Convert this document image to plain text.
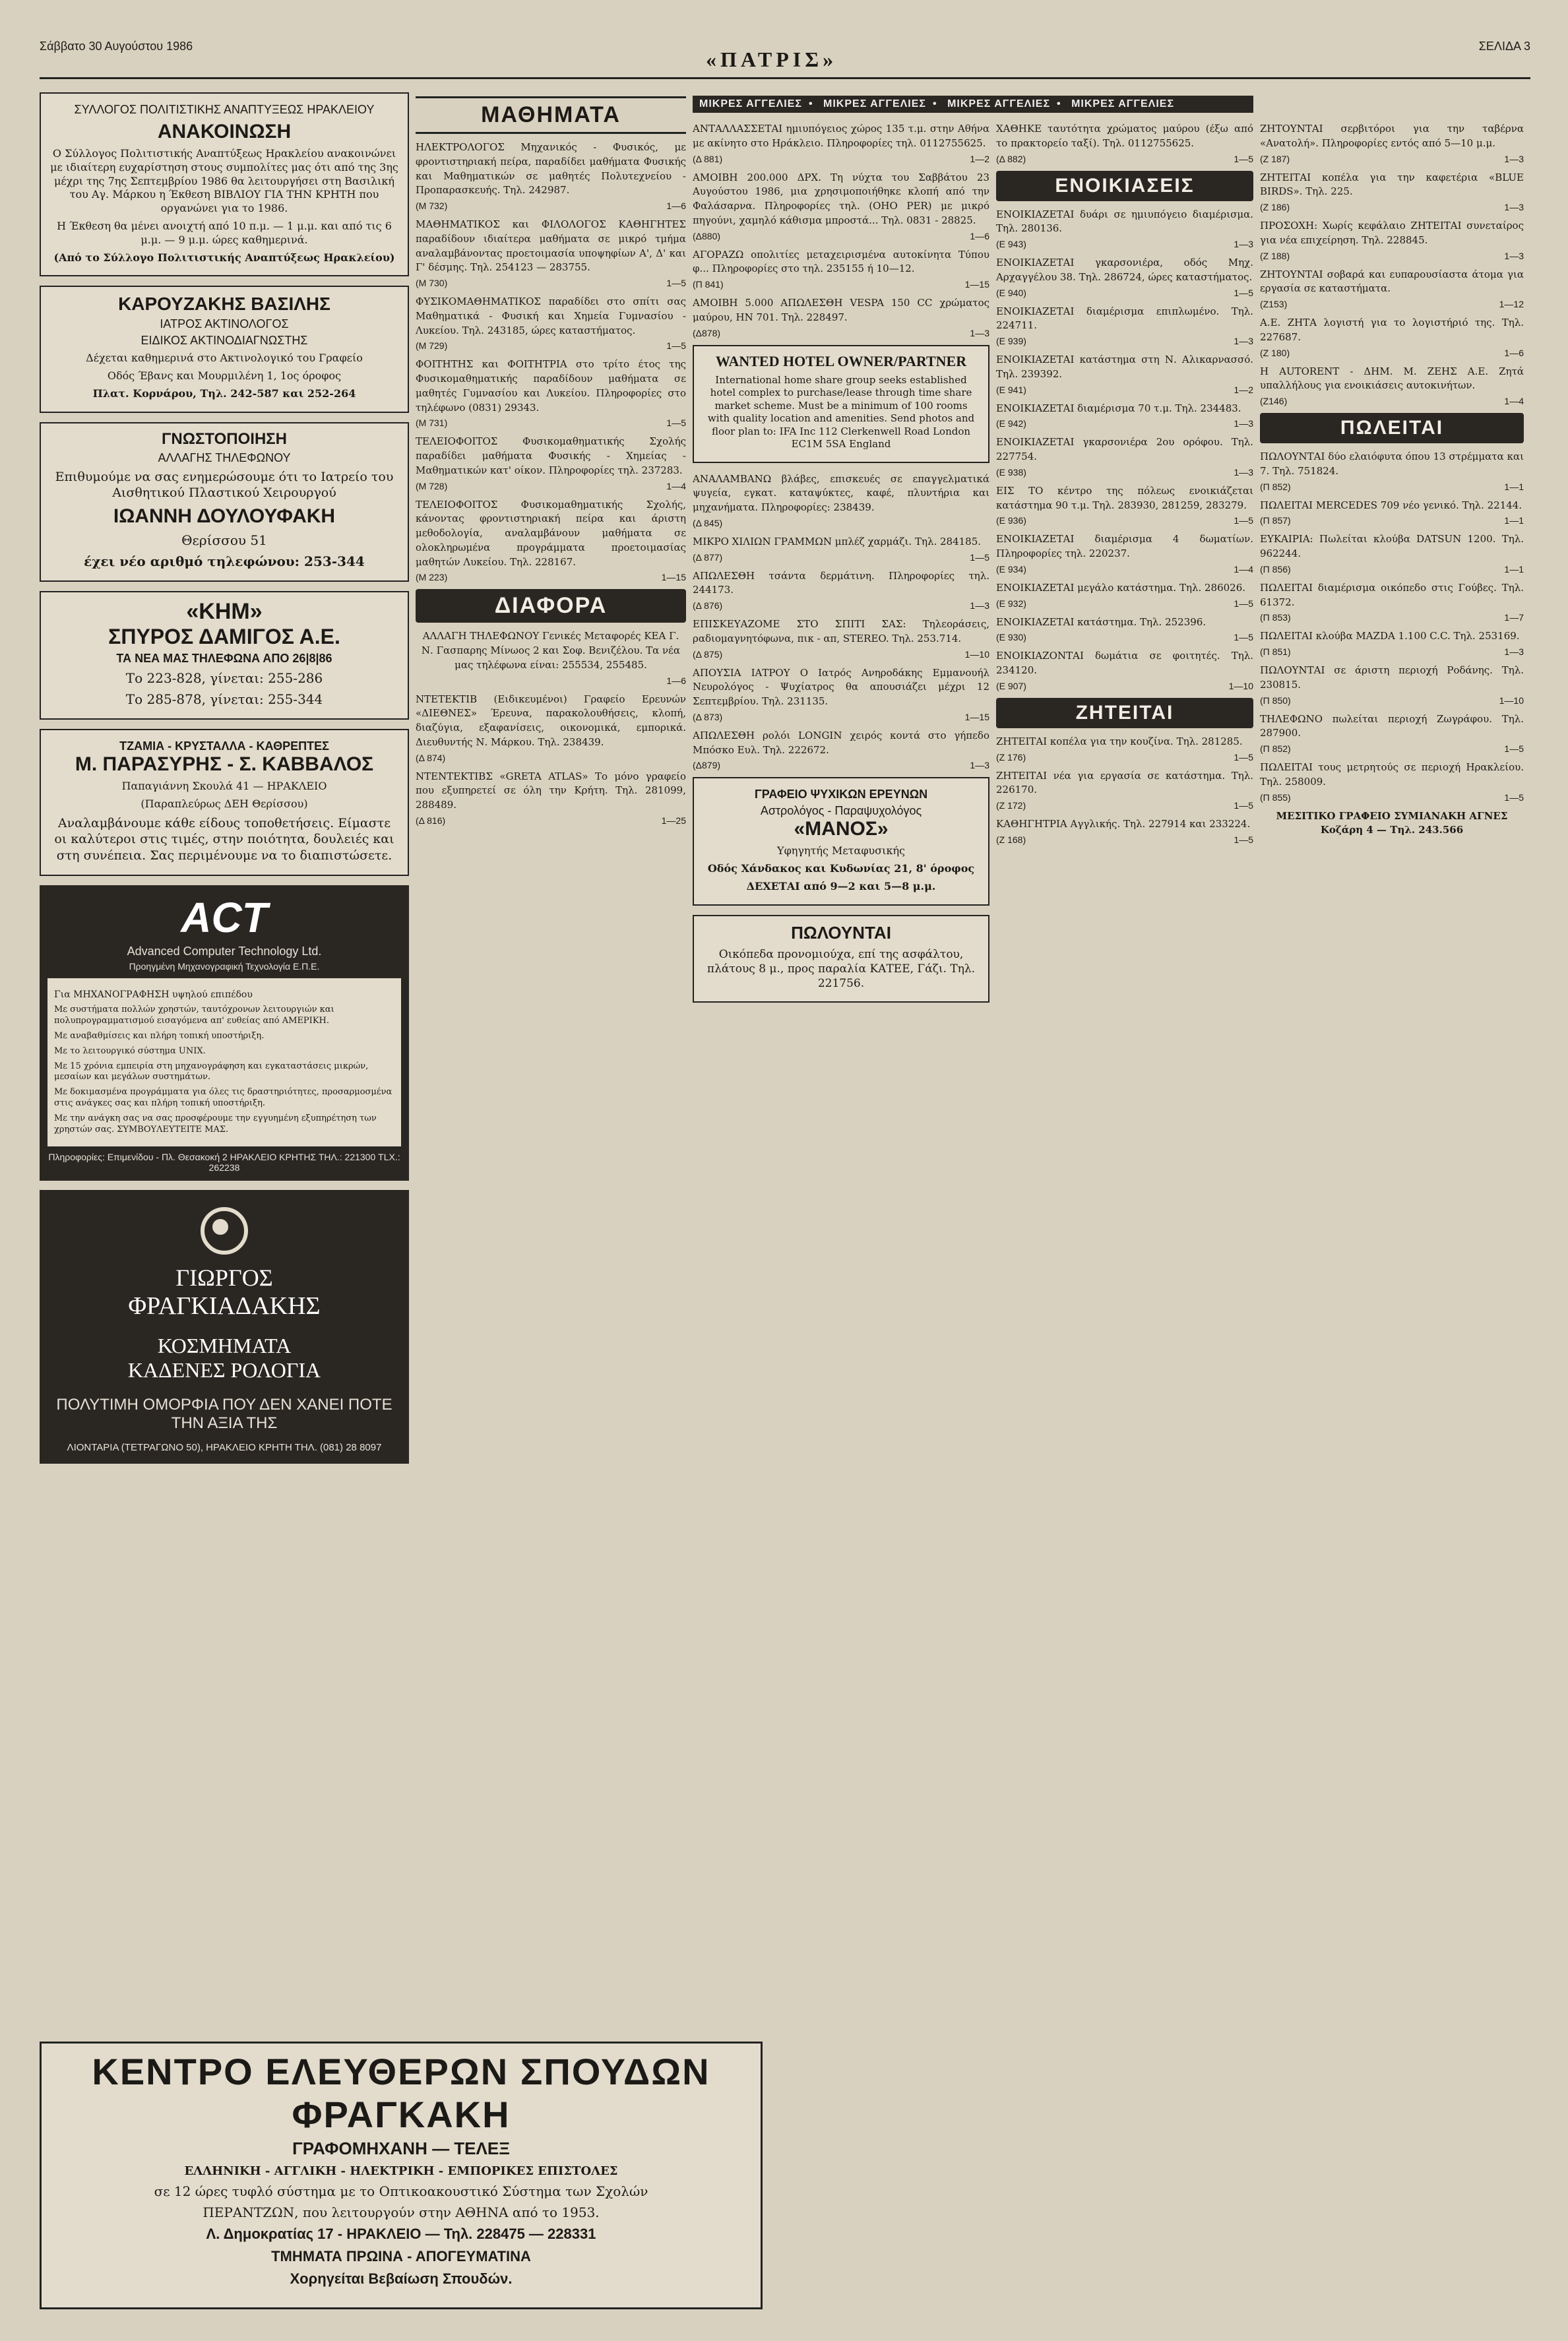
Σάββατο 30 Αυγούστου 1986
«ΠΑΤΡΙΣ»
ΣΕΛΙΔΑ 3
ΜΙΚΡΕΣ ΑΓΓΕΛΙΕΣ • ΜΙΚΡΕΣ ΑΓΓΕΛΙΕΣ • ΜΙΚΡΕΣ ΑΓΓΕΛΙΕΣ • ΜΙΚΡΕΣ ΑΓΓΕΛΙΕΣ
ΣΥΛΛΟΓΟΣ ΠΟΛΙΤΙΣΤΙΚΗΣ ΑΝΑΠΤΥΞΕΩΣ ΗΡΑΚΛΕΙΟΥ
ΑΝΑΚΟΙΝΩΣΗ

Ο Σύλλογος Πολιτιστικής Αναπτύξεως Ηρακλείου ανακοινώνει με ιδιαίτερη ευχαρίστηση στους συμπολίτες μας ότι από της 3ης μέχρι της 7ης Σεπτεμβρίου 1986 θα λειτουργήσει στη Βασιλική του Αγ. Μάρκου η Έκθεση ΒΙΒΛΙΟΥ ΓΙΑ ΤΗΝ ΚΡΗΤΗ που οργανώνει για το 1986.

Η Έκθεση θα μένει ανοιχτή από 10 π.μ. — 1 μ.μ. και από τις 6 μ.μ. — 9 μ.μ. ώρες καθημερινά.

(Από το Σύλλογο Πολιτιστικής Αναπτύξεως Ηρακλείου)

ΚΑΡΟΥΖΑΚΗΣ ΒΑΣΙΛΗΣ
ΙΑΤΡΟΣ ΑΚΤΙΝΟΛΟΓΟΣ
ΕΙΔΙΚΟΣ ΑΚΤΙΝΟΔΙΑΓΝΩΣΤΗΣ

Δέχεται καθημερινά στο Ακτινολογικό του Γραφείο

Οδός Έβανς και Μουρμιλένη 1, 1ος όροφος

Πλατ. Κορνάρου, Τηλ. 242-587 και 252-264

ΓΝΩΣΤΟΠΟΙΗΣΗ
ΑΛΛΑΓΗΣ ΤΗΛΕΦΩΝΟΥ

Επιθυμούμε να σας ενημερώσουμε ότι το Ιατρείο του Αισθητικού Πλαστικού Χειρουργού

ΙΩΑΝΝΗ ΔΟΥΛΟΥΦΑΚΗ

Θερίσσου 51

έχει νέο αριθμό τηλεφώνου: 253-344

«ΚΗΜ»
ΣΠΥΡΟΣ ΔΑΜΙΓΟΣ Α.Ε.
ΤΑ ΝΕΑ ΜΑΣ ΤΗΛΕΦΩΝΑ ΑΠΟ 26|8|86

Το 223-828, γίνεται: 255-286

Το 285-878, γίνεται: 255-344

ΤΖΑΜΙΑ - ΚΡΥΣΤΑΛΛΑ - ΚΑΘΡΕΠΤΕΣ
Μ. ΠΑΡΑΣΥΡΗΣ - Σ. ΚΑΒΒΑΛΟΣ

Παπαγιάννη Σκουλά 41 — ΗΡΑΚΛΕΙΟ

(Παραπλεύρως ΔΕΗ Θερίσσου)

Αναλαμβάνουμε κάθε είδους τοποθετήσεις. Είμαστε οι καλύτεροι στις τιμές, στην ποιότητα, δουλειές και στη συνέπεια. Σας περιμένουμε να το διαπιστώσετε.

ACT
Advanced Computer Technology Ltd.
Προηγμένη Μηχανογραφική Τεχνολογία Ε.Π.Ε.

Για ΜΗΧΑΝΟΓΡΑΦΗΣΗ υψηλού επιπέδου

Με συστήματα πολλών χρηστών, ταυτόχρονων λειτουργιών και πολυπρογραμματισμού εισαγόμενα απ' ευθείας από ΑΜΕΡΙΚΗ.

Με αναβαθμίσεις και πλήρη τοπική υποστήριξη.

Με το λειτουργικό σύστημα UNIX.

Με 15 χρόνια εμπειρία στη μηχανογράφηση και εγκαταστάσεις μικρών, μεσαίων και μεγάλων συστημάτων.

Με δοκιμασμένα προγράμματα για όλες τις δραστηριότητες, προσαρμοσμένα στις ανάγκες σας και πλήρη τοπική υποστήριξη.

Με την ανάγκη σας να σας προσφέρουμε την εγγυημένη εξυπηρέτηση των χρηστών σας. ΣΥΜΒΟΥΛΕΥΤΕΙΤΕ ΜΑΣ.

Πληροφορίες: Επιμενίδου - Πλ. Θεσακοκή 2 ΗΡΑΚΛΕΙΟ ΚΡΗΤΗΣ ΤΗΛ.: 221300 TLX.: 262238
ΓΙΩΡΓΟΣ
ΦΡΑΓΚΙΑΔΑΚΗΣ
ΚΟΣΜΗΜΑΤΑ
ΚΑΔΕΝΕΣ ΡΟΛΟΓΙΑ
ΠΟΛΥΤΙΜΗ ΟΜΟΡΦΙΑ ΠΟΥ ΔΕΝ ΧΑΝΕΙ ΠΟΤΕ ΤΗΝ ΑΞΙΑ ΤΗΣ
ΛΙΟΝΤΑΡΙΑ (ΤΕΤΡΑΓΩΝΟ 50), ΗΡΑΚΛΕΙΟ ΚΡΗΤΗ ΤΗΛ. (081) 28 8097
ΜΑΘΗΜΑΤΑ

ΗΛΕΚΤΡΟΛΟΓΟΣ Μηχανικός - Φυσικός, με φροντιστηριακή πείρα, παραδίδει μαθήματα Φυσικής και Μαθηματικών σε μαθητές Πολυτεχνείου - Προπαρασκευής. Τηλ. 242987.

(Μ 732)	1—6

ΜΑΘΗΜΑΤΙΚΟΣ και ΦΙΛΟΛΟΓΟΣ ΚΑΘΗΓΗΤΕΣ παραδίδουν ιδιαίτερα μαθήματα σε μικρό τμήμα αναλαμβάνοντας προετοιμασία υποψηφίων Α', Δ' και Γ' δέσμης. Τηλ. 254123 — 283755.

(Μ 730)	1—5

ΦΥΣΙΚΟΜΑΘΗΜΑΤΙΚΟΣ παραδίδει στο σπίτι σας Μαθηματικά - Φυσική και Χημεία Γυμνασίου - Λυκείου. Τηλ. 243185, ώρες καταστήματος.

(Μ 729)	1—5

ΦΟΙΤΗΤΗΣ και ΦΟΙΤΗΤΡΙΑ στο τρίτο έτος της Φυσικομαθηματικής παραδίδουν μαθήματα σε μαθητές Γυμνασίου και Λυκείου. Πληροφορίες στο τηλέφωνο (0831) 29343.

(Μ 731)	1—5

ΤΕΛΕΙΟΦΟΙΤΟΣ Φυσικομαθηματικής Σχολής παραδίδει μαθήματα Φυσικής - Χημείας - Μαθηματικών κατ' οίκον. Πληροφορίες τηλ. 237283.

(Μ 728)	1—4

ΤΕΛΕΙΟΦΟΙΤΟΣ Φυσικομαθηματικής Σχολής, κάνοντας φροντιστηριακή πείρα και άριστη μεθοδολογία, αναλαμβάνουν μαθήματα σε ολοκληρωμένα προγράμματα προετοιμασίας μαθητών Λυκείου. Τηλ. 228167.

(Μ 223)	1—15
ΔΙΑΦΟΡΑ

ΑΛΛΑΓΗ ΤΗΛΕΦΩΝΟΥ Γενικές Μεταφορές ΚΕΑ Γ. Ν. Γασπαρης Μίνωος 2 και Σοφ. Βενιζέλου. Τα νέα μας τηλέφωνα είναι: 255534, 255485.

1—6

ΝΤΕΤΕΚΤΙΒ (Ειδικευμένοι) Γραφείο Ερευνών «ΔΙΕΘΝΕΣ» Έρευνα, παρακολουθήσεις, κλοπή, διαζύγια, εξαφανίσεις, οικονομικά, εμπορικά. Διευθυντής Ν. Μάρκου. Τηλ. 238439.

(Δ 874)

ΝΤΕΝΤΕΚΤΙΒΣ «GRETA ATLAS» Το μόνο γραφείο που εξυπηρετεί σε όλη την Κρήτη. Τηλ. 281099, 288489.

(Δ 816)	1—25

ΑΝΤΑΛΛΑΣΣΕΤΑΙ ημιυπόγειος χώρος 135 τ.μ. στην Αθήνα με ακίνητο στο Ηράκλειο. Πληροφορίες τηλ. 0112755625.

(Δ 881)	1—2

ΑΜΟΙΒΗ 200.000 ΔΡΧ. Τη νύχτα του Σαββάτου 23 Αυγούστου 1986, μια χρησιμοποιήθηκε κλοπή από την Φαλάσαρνα. Πληροφορίες τηλ. (ΟΗΟ PER) με μικρό πηγούνι, χαμηλό κάθισμα μπροστά... Τηλ. 0831 - 28825.

(Δ880)	1—6

ΑΓΟΡΑΖΩ οπολιτίες μεταχειρισμένα αυτοκίνητα Τύπου φ... Πληροφορίες στο τηλ. 235155 ή 10—12.

(Π 841)	1—15

ΑΜΟΙΒΗ 5.000 ΑΠΩΛΕΣΘΗ VESPA 150 CC χρώματος μαύρου, ΗΝ 701. Τηλ. 228497.

(Δ878)	1—3
WANTED HOTEL OWNER/PARTNER

International home share group seeks established hotel complex to purchase/lease through time share market scheme. Must be a minimum of 100 rooms with quality location and amenities. Send photos and floor plan to: IFA Inc 112 Clerkenwell Road London EC1M 5SA England

ΑΝΑΛΑΜΒΑΝΩ βλάβες, επισκευές σε επαγγελματικά ψυγεία, εγκατ. καταψύκτες, καφέ, πλυντήρια και μηχανήματα. Πληροφορίες: 238439.

(Δ 845)

ΜΙΚΡΟ ΧΙΛΙΩΝ ΓΡΑΜΜΩΝ μπλέζ χαρμάζι. Τηλ. 284185.

(Δ 877)	1—5

ΑΠΩΛΕΣΘΗ τσάντα δερμάτινη. Πληροφορίες τηλ. 244173.

(Δ 876)	1—3

ΕΠΙΣΚΕΥΑΖΟΜΕ ΣΤΟ ΣΠΙΤΙ ΣΑΣ: Τηλεοράσεις, ραδιομαγνητόφωνα, πικ - απ, STEREO. Τηλ. 253.714.

(Δ 875)	1—10

ΑΠΟΥΣΙΑ ΙΑΤΡΟΥ Ο Ιατρός Ανηροδάκης Εμμανουήλ Νευρολόγος - Ψυχίατρος θα απουσιάζει μέχρι 12 Σεπτεμβρίου. Τηλ. 231135.

(Δ 873)	1—15

ΑΠΩΛΕΣΘΗ ρολόι LONGIN χειρός κοντά στο γήπεδο Μπόσκο Ευλ. Τηλ. 222672.

(Δ879)	1—3
ΓΡΑΦΕΙΟ ΨΥΧΙΚΩΝ ΕΡΕΥΝΩΝ
Αστρολόγος - Παραψυχολόγος
«ΜΑΝΟΣ»

Υφηγητής Μεταφυσικής

Οδός Χάνδακος και Κυδωνίας 21, 8' όροφος

ΔΕΧΕΤΑΙ από 9—2 και 5—8 μ.μ.

ΠΩΛΟΥΝΤΑΙ

Οικόπεδα προνομιούχα, επί της ασφάλτου, πλάτους 8 μ., προς παραλία ΚΑΤΕΕ, Γάζι. Τηλ. 221756.

ΧΑΘΗΚΕ ταυτότητα χρώματος μαύρου (έξω από το πρακτορείο ταξί). Τηλ. 0112755625.

(Δ 882)	1—5
ΕΝΟΙΚΙΑΣΕΙΣ

ΕΝΟΙΚΙΑΖΕΤΑΙ δυάρι σε ημιυπόγειο διαμέρισμα. Τηλ. 280136.

(Ε 943)	1—3

ΕΝΟΙΚΙΑΖΕΤΑΙ γκαρσονιέρα, οδός Μηχ. Αρχαγγέλου 38. Τηλ. 286724, ώρες καταστήματος.

(Ε 940)	1—5

ΕΝΟΙΚΙΑΖΕΤΑΙ διαμέρισμα επιπλωμένο. Τηλ. 224711.

(Ε 939)	1—3

ΕΝΟΙΚΙΑΖΕΤΑΙ κατάστημα στη Ν. Αλικαρνασσό. Τηλ. 239392.

(Ε 941)	1—2

ΕΝΟΙΚΙΑΖΕΤΑΙ διαμέρισμα 70 τ.μ. Τηλ. 234483.

(Ε 942)	1—3

ΕΝΟΙΚΙΑΖΕΤΑΙ γκαρσονιέρα 2ου ορόφου. Τηλ. 227754.

(Ε 938)	1—3

ΕΙΣ ΤΟ κέντρο της πόλεως ενοικιάζεται κατάστημα 90 τ.μ. Τηλ. 283930, 281259, 283279.

(Ε 936)	1—5

ΕΝΟΙΚΙΑΖΕΤΑΙ διαμέρισμα 4 δωματίων. Πληροφορίες τηλ. 220237.

(Ε 934)	1—4

ΕΝΟΙΚΙΑΖΕΤΑΙ μεγάλο κατάστημα. Τηλ. 286026.

(Ε 932)	1—5

ΕΝΟΙΚΙΑΖΕΤΑΙ κατάστημα. Τηλ. 252396.

(Ε 930)	1—5

ΕΝΟΙΚΙΑΖΟΝΤΑΙ δωμάτια σε φοιτητές. Τηλ. 234120.

(Ε 907)	1—10
ΖΗΤΕΙΤΑΙ

ΖΗΤΕΙΤΑΙ κοπέλα για την κουζίνα. Τηλ. 281285.

(Ζ 176)	1—5

ΖΗΤΕΙΤΑΙ νέα για εργασία σε κατάστημα. Τηλ. 226170.

(Ζ 172)	1—5

ΚΑΘΗΓΗΤΡΙΑ Αγγλικής. Τηλ. 227914 και 233224.

(Ζ 168)	1—5

ΖΗΤΟΥΝΤΑΙ σερβιτόροι για την ταβέρνα «Ανατολή». Πληροφορίες εντός από 5—10 μ.μ.

(Ζ 187)	1—3

ΖΗΤΕΙΤΑΙ κοπέλα για την καφετέρια «BLUE BIRDS». Τηλ. 225.

(Ζ 186)	1—3

ΠΡΟΣΟΧΗ: Χωρίς κεφάλαιο ΖΗΤΕΙΤΑΙ συνεταίρος για νέα επιχείρηση. Τηλ. 228845.

(Ζ 188)	1—3

ΖΗΤΟΥΝΤΑΙ σοβαρά και ευπαρουσίαστα άτομα για εργασία σε καταστήματα.

(Ζ153)	1—12

Α.Ε. ΖΗΤΑ λογιστή για το λογιστήριό της. Τηλ. 227687.

(Ζ 180)	1—6

H AUTORENT - ΔΗΜ. Μ. ΖΕΗΣ Α.Ε. Ζητά υπαλλήλους για ενοικιάσεις αυτοκινήτων.

(Ζ146)	1—4
ΠΩΛΕΙΤΑΙ

ΠΩΛΟΥΝΤΑΙ δύο ελαιόφυτα όπου 13 στρέμματα και 7. Τηλ. 751824.

(Π 852)	1—1

ΠΩΛΕΙΤΑΙ MERCEDES 709 νέο γενικό. Τηλ. 22144.

(Π 857)	1—1

ΕΥΚΑΙΡΙΑ: Πωλείται κλούβα DATSUN 1200. Τηλ. 962244.

(Π 856)	1—1

ΠΩΛΕΙΤΑΙ διαμέρισμα οικόπεδο στις Γούβες. Τηλ. 61372.

(Π 853)	1—7

ΠΩΛΕΙΤΑΙ κλούβα MAZDA 1.100 C.C. Τηλ. 253169.

(Π 851)	1—3

ΠΩΛΟΥΝΤΑΙ σε άριστη περιοχή Ροδάνης. Τηλ. 230815.

(Π 850)	1—10

ΤΗΛΕΦΩΝΟ πωλείται περιοχή Ζωγράφου. Τηλ. 287900.

(Π 852)	1—5

ΠΩΛΕΙΤΑΙ τους μετρητούς σε περιοχή Ηρακλείου. Τηλ. 258009.

(Π 855)	1—5

ΜΕΣΙΤΙΚΟ ΓΡΑΦΕΙΟ ΣΥΜΙΑΝΑΚΗ ΑΓΝΕΣ Κοζάρη 4 — Τηλ. 243.566

ΚΕΝΤΡΟ ΕΛΕΥΘΕΡΩΝ ΣΠΟΥΔΩΝ ΦΡΑΓΚΑΚΗ
ΓΡΑΦΟΜΗΧΑΝΗ — ΤΕΛΕΞ

ΕΛΛΗΝΙΚΗ - ΑΓΓΛΙΚΗ - ΗΛΕΚΤΡΙΚΗ - ΕΜΠΟΡΙΚΕΣ ΕΠΙΣΤΟΛΕΣ

σε 12 ώρες τυφλό σύστημα με το Οπτικοακουστικό Σύστημα των Σχολών

ΠΕΡΑΝΤΖΩΝ, που λειτουργούν στην ΑΘΗΝΑ από το 1953.

Λ. Δημοκρατίας 17 - ΗΡΑΚΛΕΙΟ — Τηλ. 228475 — 228331

ΤΜΗΜΑΤΑ ΠΡΩΙΝΑ - ΑΠΟΓΕΥΜΑΤΙΝΑ

Χορηγείται Βεβαίωση Σπουδών.
